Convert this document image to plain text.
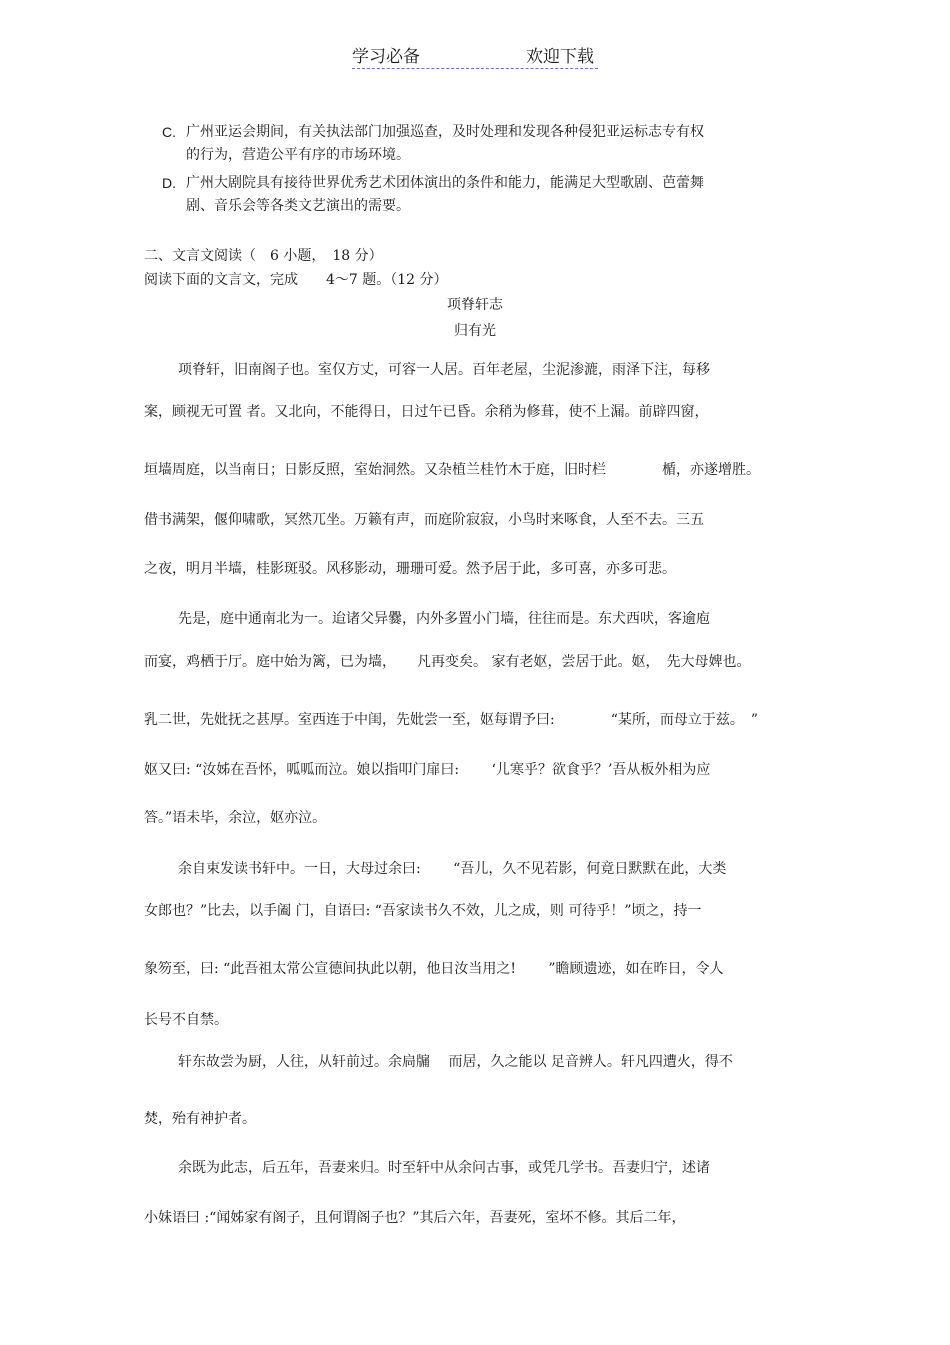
学习必备	欢迎下载
C. 广州亚运会期间，有关执法部门加强巡查，及时处理和发现各种侵犯亚运标志专有权
的行为，营造公平有序的市场环境。
D. 广州大剧院具有接待世界优秀艺术团体演出的条件和能力，能满足大型歌剧、芭蕾舞
剧、音乐会等各类文艺演出的需要。
二、文言文阅读（　6 小题，　18 分）
阅读下面的文言文，完成　　4～7 题。（12 分）
项脊轩志
归有光
项脊轩，旧南阁子也。室仅方丈，可容一人居。百年老屋，尘泥渗漉，雨泽下注，每移
案，顾视无可置 者。又北向，不能得日，日过午已昏。余稍为修葺，使不上漏。前辟四窗，
垣墙周庭，以当南日；日影反照，室始洞然。又杂植兰桂竹木于庭，旧时栏　　　　楯，亦遂增胜。
借书满架，偃仰啸歌，冥然兀坐。万籁有声，而庭阶寂寂，小鸟时来啄食，人至不去。三五
之夜，明月半墙，桂影斑驳。风移影动，珊珊可爱。然予居于此，多可喜，亦多可悲。
先是，庭中通南北为一。迨诸父异爨，内外多置小门墙，往往而是。东犬西吠，客逾庖
而宴，鸡栖于厅。庭中始为篱，已为墙，　　凡再变矣。 家有老妪，尝居于此。妪，　先大母婢也。
乳二世，先妣抚之甚厚。室西连于中闺，先妣尝一至，妪每谓予曰:　　　　“某所，而母立于兹。　”
妪又曰: “汝姊在吾怀，呱呱而泣。娘以指叩门扉曰:　　 ‘儿寒乎？欲食乎？’吾从板外相为应
答。”语未毕，余泣，妪亦泣。
余自束发读书轩中。一日，大母过余曰:　　 “吾儿，久不见若影，何竟日默默在此，大类
女郎也？”比去，以手阖 门，自语曰: “吾家读书久不效，儿之成，则 可待乎！”顷之，持一
象笏至，曰: “此吾祖太常公宣德间执此以朝，他日汝当用之!　　 ”瞻顾遗迹，如在昨日，令人
长号不自禁。
轩东故尝为厨，人往，从轩前过。余扃牖　 而居，久之能以 足音辨人。轩凡四遭火，得不
焚，殆有神护者。
余既为此志，后五年，吾妻来归。时至轩中从余问古事，或凭几学书。吾妻归宁，述诸
小妹语曰 :“闻姊家有阁子，且何谓阁子也？”其后六年，吾妻死，室坏不修。其后二年，
